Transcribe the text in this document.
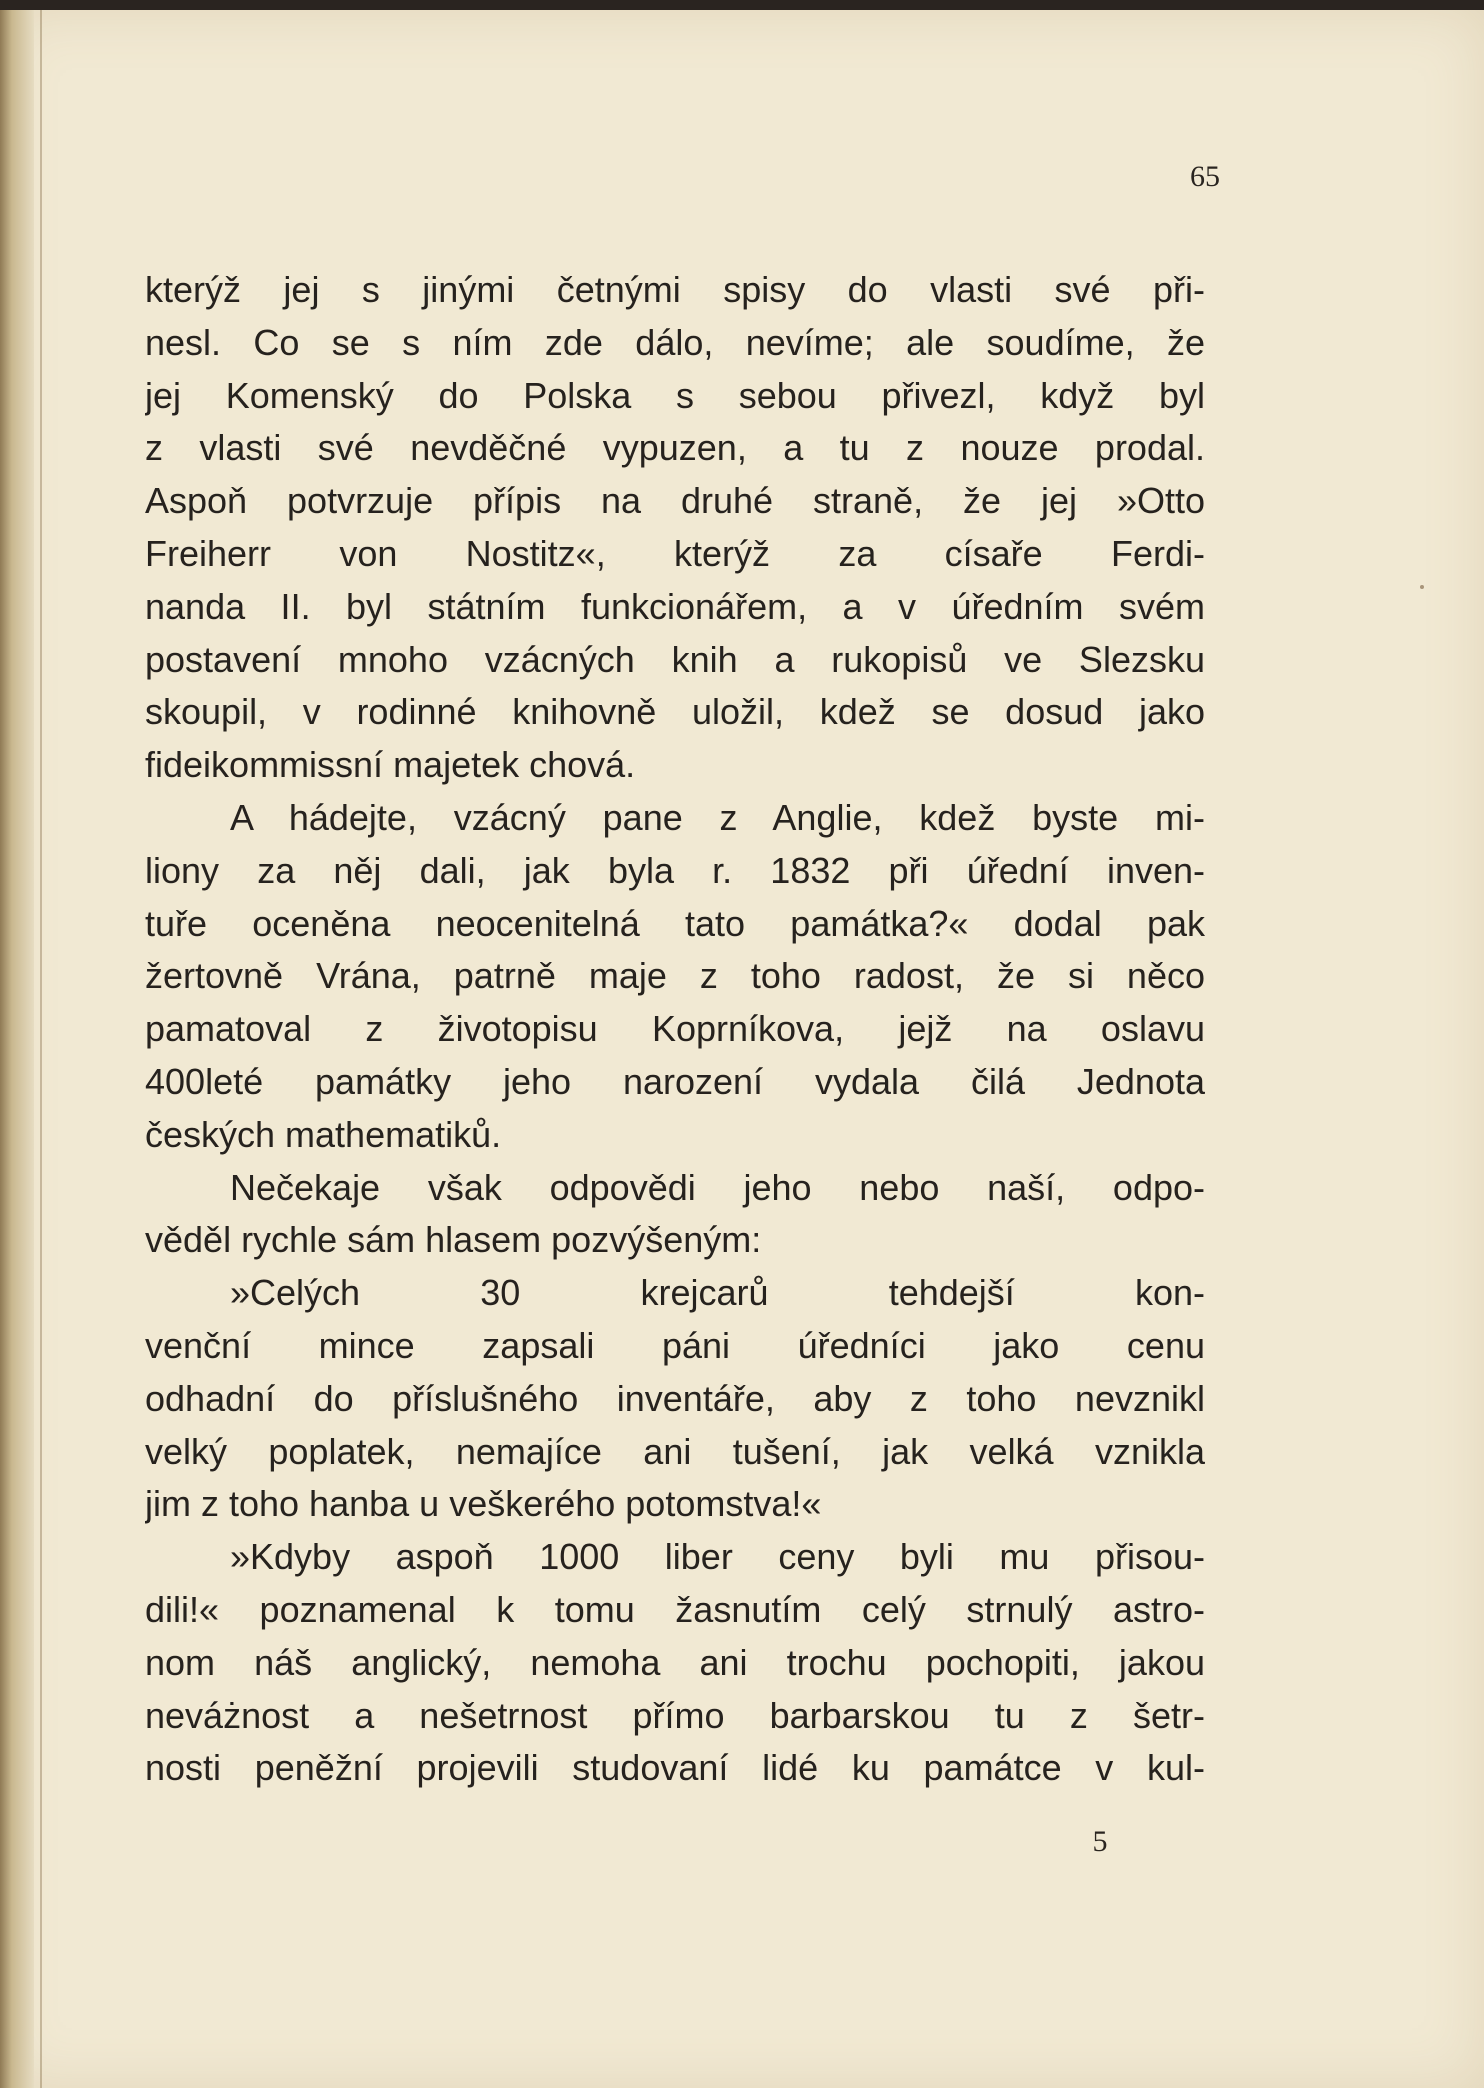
65
kterýž jej s jinými četnými spisy do vlasti své při-
nesl. Co se s ním zde dálo, nevíme; ale soudíme, že
jej Komenský do Polska s sebou přivezl, když byl
z vlasti své nevděčné vypuzen, a tu z nouze prodal.
Aspoň potvrzuje přípis na druhé straně, že jej »Otto
Freiherr von Nostitz«, kterýž za císaře Ferdi-
nanda II. byl státním funkcionářem, a v úředním svém
postavení mnoho vzácných knih a rukopisů ve Slezsku
skoupil, v rodinné knihovně uložil, kdež se dosud jako
fideikommissní majetek chová.
A hádejte, vzácný pane z Anglie, kdež byste mi-
liony za něj dali, jak byla r. 1832 při úřední inven-
tuře oceněna neocenitelná tato památka?« dodal pak
žertovně Vrána, patrně maje z toho radost, že si něco
pamatoval z životopisu Koprníkova, jejž na oslavu
400leté památky jeho narození vydala čilá Jednota
českých mathematiků.
Nečekaje však odpovědi jeho nebo naší, odpo-
věděl rychle sám hlasem pozvýšeným:
»Celých 30 krejcarů tehdejší kon-
venční mince zapsali páni úředníci jako cenu
odhadní do příslušného inventáře, aby z toho nevznikl
velký poplatek, nemajíce ani tušení, jak velká vznikla
jim z toho hanba u veškerého potomstva!«
»Kdyby aspoň 1000 liber ceny byli mu přisou-
dili!« poznamenal k tomu žasnutím celý strnulý astro-
nom náš anglický, nemoha ani trochu pochopiti, jakou
neváżnost a nešetrnost přímo barbarskou tu z šetr-
nosti peněžní projevili studovaní lidé ku památce v kul-
5
